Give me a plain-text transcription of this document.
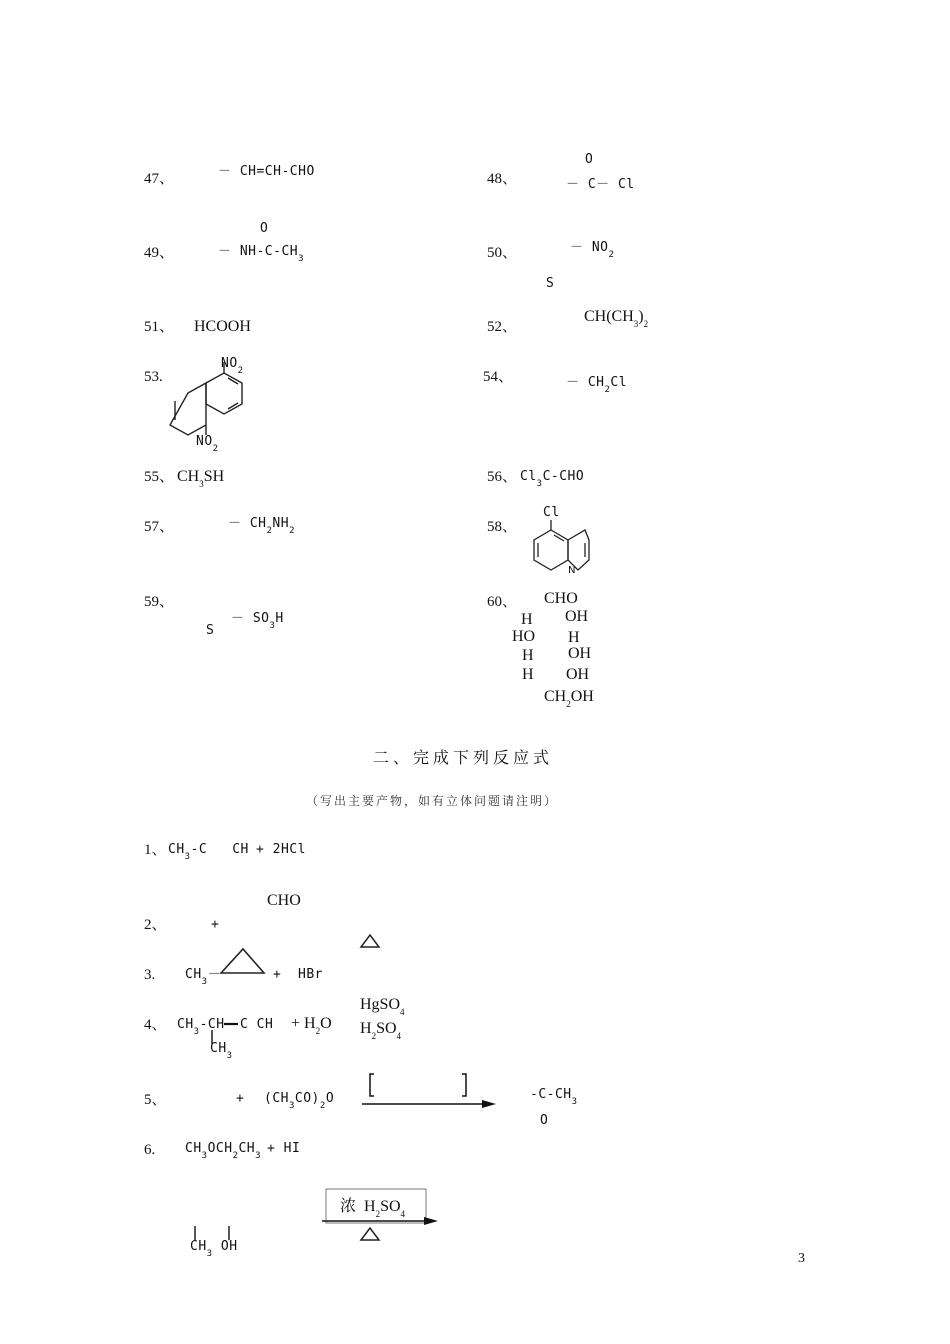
47、	－ CH=CH-CHO	48、
O
－ C－ Cl
49、
O
－ $NH-C-CH_3$	50、	－ $NO_2$
S
51、 HCOOH	52、
$CH(CH_3)_2$
53.
$NO_2$
$NO_2$
54、	－ $CH_2Cl$
55、 $CH_3SH$	56、 $Cl_3C$-CHO
57、	－ $CH_2NH_2$	58、
Cl
N
59、
S
－ $SO_3H$
60、 CHO
H OH
HO H
H OH
H OH
$CH_2OH$
二、完成下列反应式
（写出主要产物，如有立体问题请注明）
1、 $CH_3-C$   CH + 2HCl
CHO
2、	+
3. $CH_3-$	+ HBr
HgSO$_4$
4、 $CH_3-CH$ C CH + $H_2O$ $H_2SO_4$
$CH_3$
5、	+ $(CH_3CO)_2O$	$-C-CH_3$
O
6. $CH_3OCH_2CH_3$ + HI
浓  $H_2SO_4$
$CH_3$ OH
3
